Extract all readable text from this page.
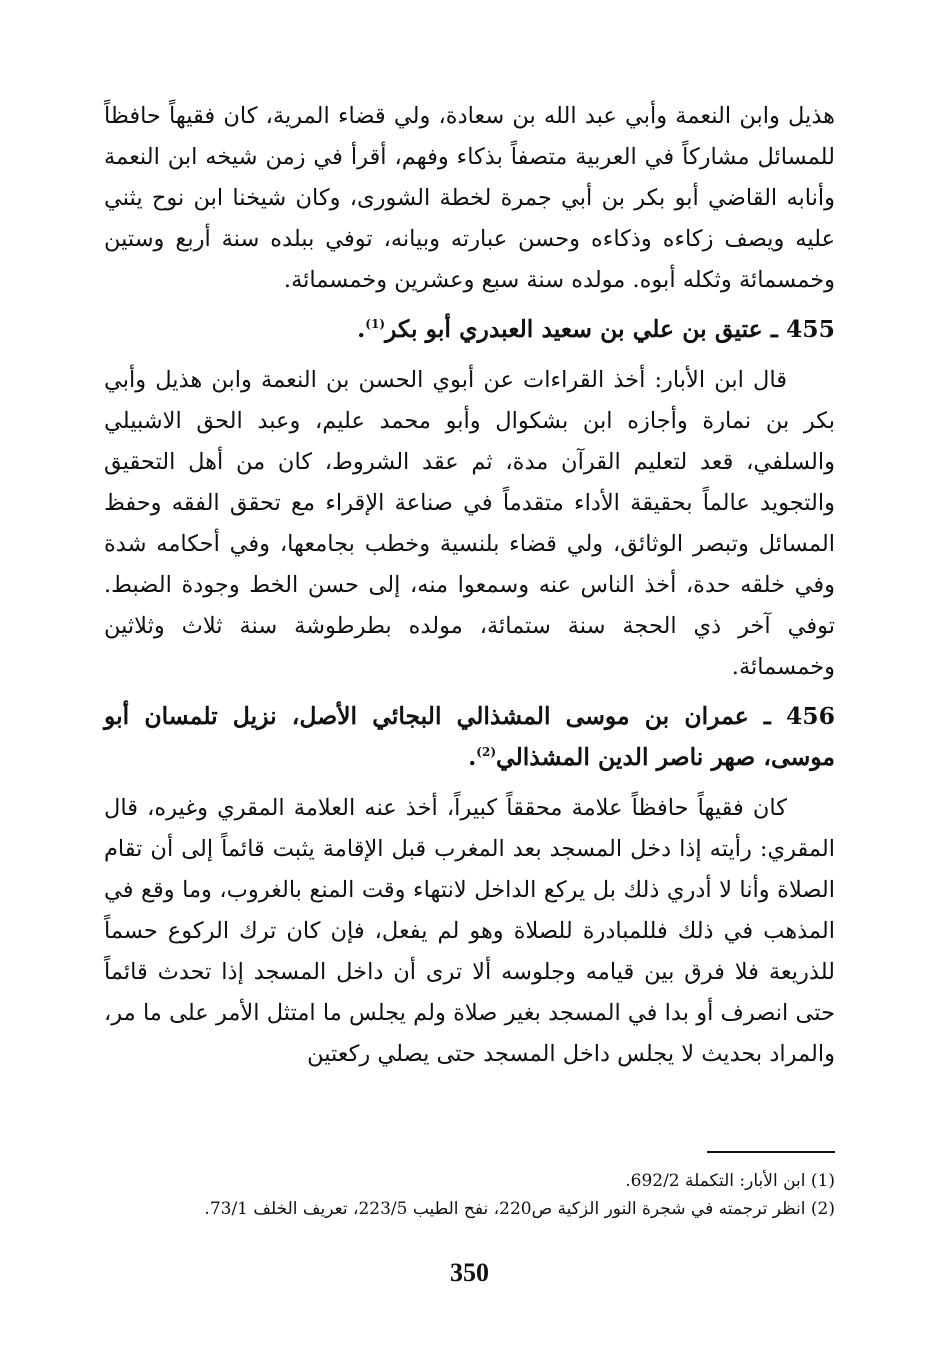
هذيل وابن النعمة وأبي عبد الله بن سعادة، ولي قضاء المرية، كان فقيهاً حافظاً للمسائل مشاركاً في العربية متصفاً بذكاء وفهم، أقرأ في زمن شيخه ابن النعمة وأنابه القاضي أبو بكر بن أبي جمرة لخطة الشورى، وكان شيخنا ابن نوح يثني عليه ويصف زكاءه وذكاءه وحسن عبارته وبيانه، توفي ببلده سنة أربع وستين وخمسمائة وثكله أبوه. مولده سنة سبع وعشرين وخمسمائة.

455 ـ عتيق بن علي بن سعيد العبدري أبو بكر$^{(1)}$.

قال ابن الأبار: أخذ القراءات عن أبوي الحسن بن النعمة وابن هذيل وأبي بكر بن نمارة وأجازه ابن بشكوال وأبو محمد عليم، وعبد الحق الاشبيلي والسلفي، قعد لتعليم القرآن مدة، ثم عقد الشروط، كان من أهل التحقيق والتجويد عالماً بحقيقة الأداء متقدماً في صناعة الإقراء مع تحقق الفقه وحفظ المسائل وتبصر الوثائق، ولي قضاء بلنسية وخطب بجامعها، وفي أحكامه شدة وفي خلقه حدة، أخذ الناس عنه وسمعوا منه، إلى حسن الخط وجودة الضبط. توفي آخر ذي الحجة سنة ستمائة، مولده بطرطوشة سنة ثلاث وثلاثين وخمسمائة.

456 ـ عمران بن موسى المشذالي البجائي الأصل، نزيل تلمسان أبو موسى، صهر ناصر الدين المشذالي$^{(2)}$.

كان فقيهاً حافظاً علامة محققاً كبيراً، أخذ عنه العلامة المقري وغيره، قال المقري: رأيته إذا دخل المسجد بعد المغرب قبل الإقامة يثبت قائماً إلى أن تقام الصلاة وأنا لا أدري ذلك بل يركع الداخل لانتهاء وقت المنع بالغروب، وما وقع في المذهب في ذلك فللمبادرة للصلاة وهو لم يفعل، فإن كان ترك الركوع حسماً للذريعة فلا فرق بين قيامه وجلوسه ألا ترى أن داخل المسجد إذا تحدث قائماً حتى انصرف أو بدا في المسجد بغير صلاة ولم يجلس ما امتثل الأمر على ما مر، والمراد بحديث لا يجلس داخل المسجد حتى يصلي ركعتين

(1) ابن الأبار: التكملة 692/2.

(2) انظر ترجمته في شجرة النور الزكية ص220، نفح الطيب 223/5، تعريف الخلف 73/1.

350
